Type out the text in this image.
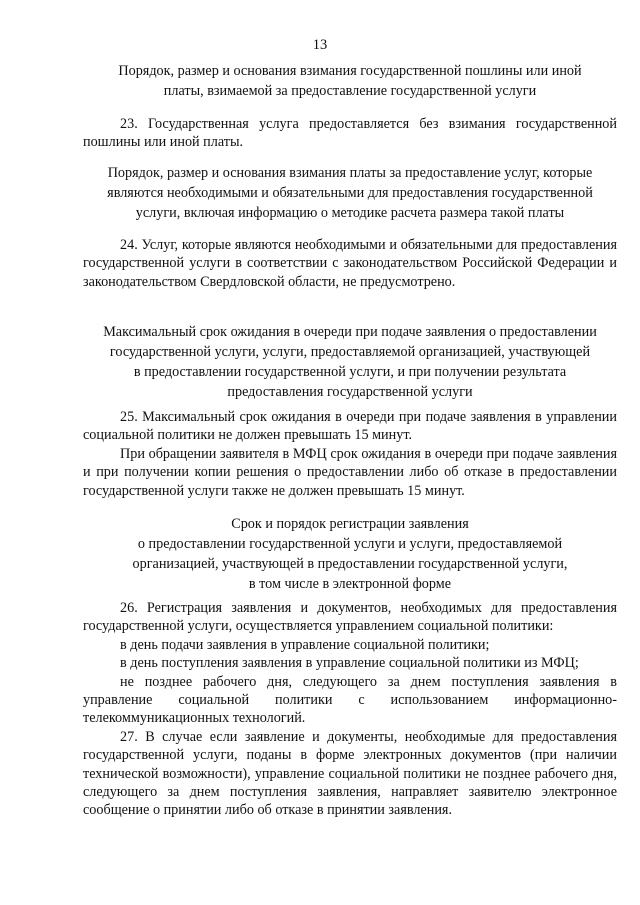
13
Порядок, размер и основания взимания государственной пошлины или иной
платы, взимаемой за предоставление государственной услуги

23. Государственная услуга предоставляется без взимания государственной пошлины или иной платы.

Порядок, размер и основания взимания платы за предоставление услуг, которые
являются необходимыми и обязательными для предоставления государственной
услуги, включая информацию о методике расчета размера такой платы

24. Услуг, которые являются необходимыми и обязательными для предоставления государственной услуги в соответствии с законодательством Российской Федерации и законодательством Свердловской области, не предусмотрено.

Максимальный срок ожидания в очереди при подаче заявления о предоставлении
государственной услуги, услуги, предоставляемой организацией, участвующей
в предоставлении государственной услуги, и при получении результата
предоставления государственной услуги

25. Максимальный срок ожидания в очереди при подаче заявления в управлении социальной политики не должен превышать 15 минут.

При обращении заявителя в МФЦ срок ожидания в очереди при подаче заявления и при получении копии решения о предоставлении либо об отказе в предоставлении государственной услуги также не должен превышать 15 минут.

Срок и порядок регистрации заявления
о предоставлении государственной услуги и услуги, предоставляемой
организацией, участвующей в предоставлении государственной услуги,
в том числе в электронной форме

26. Регистрация заявления и документов, необходимых для предоставления государственной услуги, осуществляется управлением социальной политики:

в день подачи заявления в управление социальной политики;

в день поступления заявления в управление социальной политики из МФЦ;

не позднее рабочего дня, следующего за днем поступления заявления в управление социальной политики с использованием информационно-телекоммуникационных технологий.

27. В случае если заявление и документы, необходимые для предоставления государственной услуги, поданы в форме электронных документов (при наличии технической возможности), управление социальной политики не позднее рабочего дня, следующего за днем поступления заявления, направляет заявителю электронное сообщение о принятии либо об отказе в принятии заявления.
